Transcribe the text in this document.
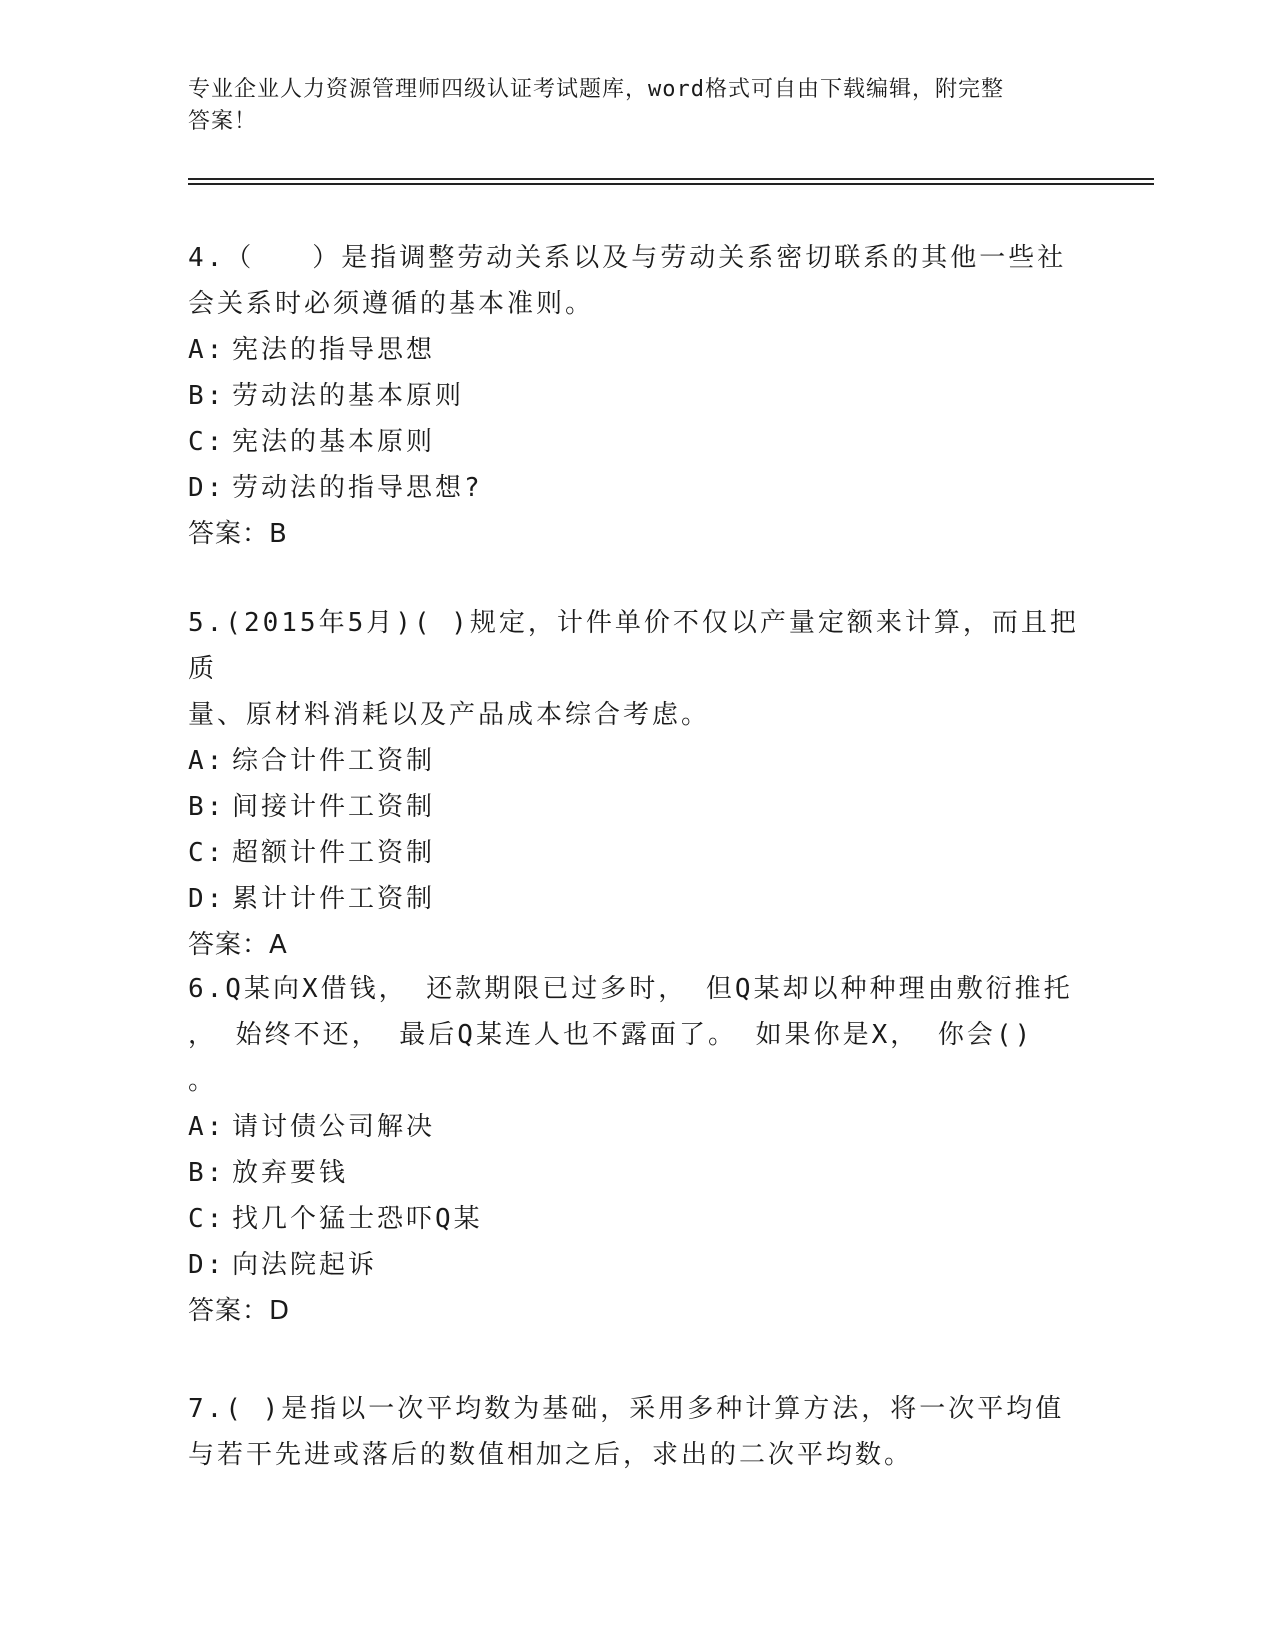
专业企业人力资源管理师四级认证考试题库，word格式可自由下载编辑，附完整
答案！
4.（　　）是指调整劳动关系以及与劳动关系密切联系的其他一些社
会关系时必须遵循的基本准则。
A: 宪法的指导思想
B: 劳动法的基本原则
C: 宪法的基本原则
D: 劳动法的指导思想?
答案：B
5.(2015年5月)( )规定，计件单价不仅以产量定额来计算，而且把质
量、原材料消耗以及产品成本综合考虑。
A: 综合计件工资制
B: 间接计件工资制
C: 超额计件工资制
D: 累计计件工资制
答案：A
6.Q某向X借钱， 还款期限已过多时， 但Q某却以种种理由敷衍推托
， 始终不还， 最后Q某连人也不露面了。 如果你是X， 你会()
。
A: 请讨债公司解决
B: 放弃要钱
C: 找几个猛士恐吓Q某
D: 向法院起诉
答案：D
7.( )是指以一次平均数为基础，采用多种计算方法，将一次平均值
与若干先进或落后的数值相加之后，求出的二次平均数。
